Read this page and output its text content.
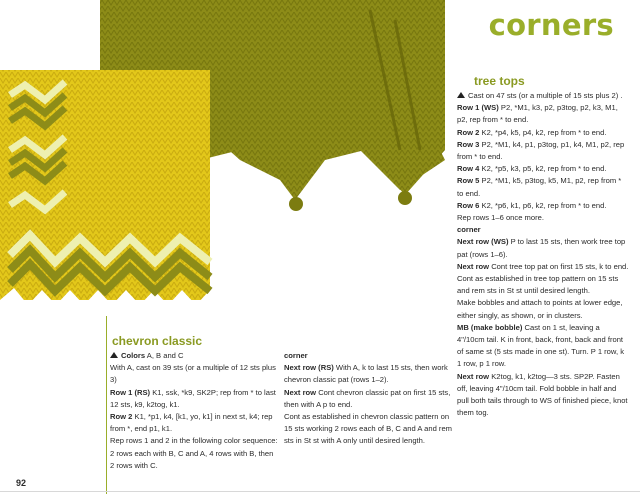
corners
tree tops

Cast on 47 sts (or a multiple of 15 sts plus 2) .

Row 1 (WS) P2, *M1, k3, p2, p3tog, p2, k3, M1, p2, rep from * to end.

Row 2 K2, *p4, k5, p4, k2, rep from * to end.

Row 3 P2, *M1, k4, p1, p3tog, p1, k4, M1, p2, rep from * to end.

Row 4 K2, *p5, k3, p5, k2, rep from * to end.

Row 5 P2, *M1, k5, p3tog, k5, M1, p2, rep from * to end.

Row 6 K2, *p6, k1, p6, k2, rep from * to end.

Rep rows 1–6 once more.

corner

Next row (WS) P to last 15 sts, then work tree top pat (rows 1–6).

Next row Cont tree top pat on first 15 sts, k to end.

Cont as established in tree top pattern on 15 sts and rem sts in St st until desired length.

Make bobbles and attach to points at lower edge, either singly, as shown, or in clusters.

MB (make bobble) Cast on 1 st, leaving a 4"/10cm tail. K in front, back, front, back and front of same st (5 sts made in one st). Turn. P 1 row, k 1 row, p 1 row.

Next row K2tog, k1, k2tog—3 sts. SP2P. Fasten off, leaving 4"/10cm tail. Fold bobble in half and pull both tails through to WS of finished piece, knot them tog.

chevron classic

Colors A, B and C

With A, cast on 39 sts (or a multiple of 12 sts plus 3)

Row 1 (RS) K1, ssk, *k9, SK2P; rep from * to last 12 sts, k9, k2tog, k1.

Row 2 K1, *p1, k4, [k1, yo, k1] in next st, k4; rep from *, end p1, k1.

Rep rows 1 and 2 in the following color sequence: 2 rows each with B, C and A, 4 rows with B, then 2 rows with C.

corner

Next row (RS) With A, k to last 15 sts, then work chevron classic pat (rows 1–2).

Next row Cont chevron classic pat on first 15 sts, then with A p to end.

Cont as established in chevron classic pattern on 15 sts working 2 rows each of B, C and A and rem sts in St st with A only until desired length.

92
